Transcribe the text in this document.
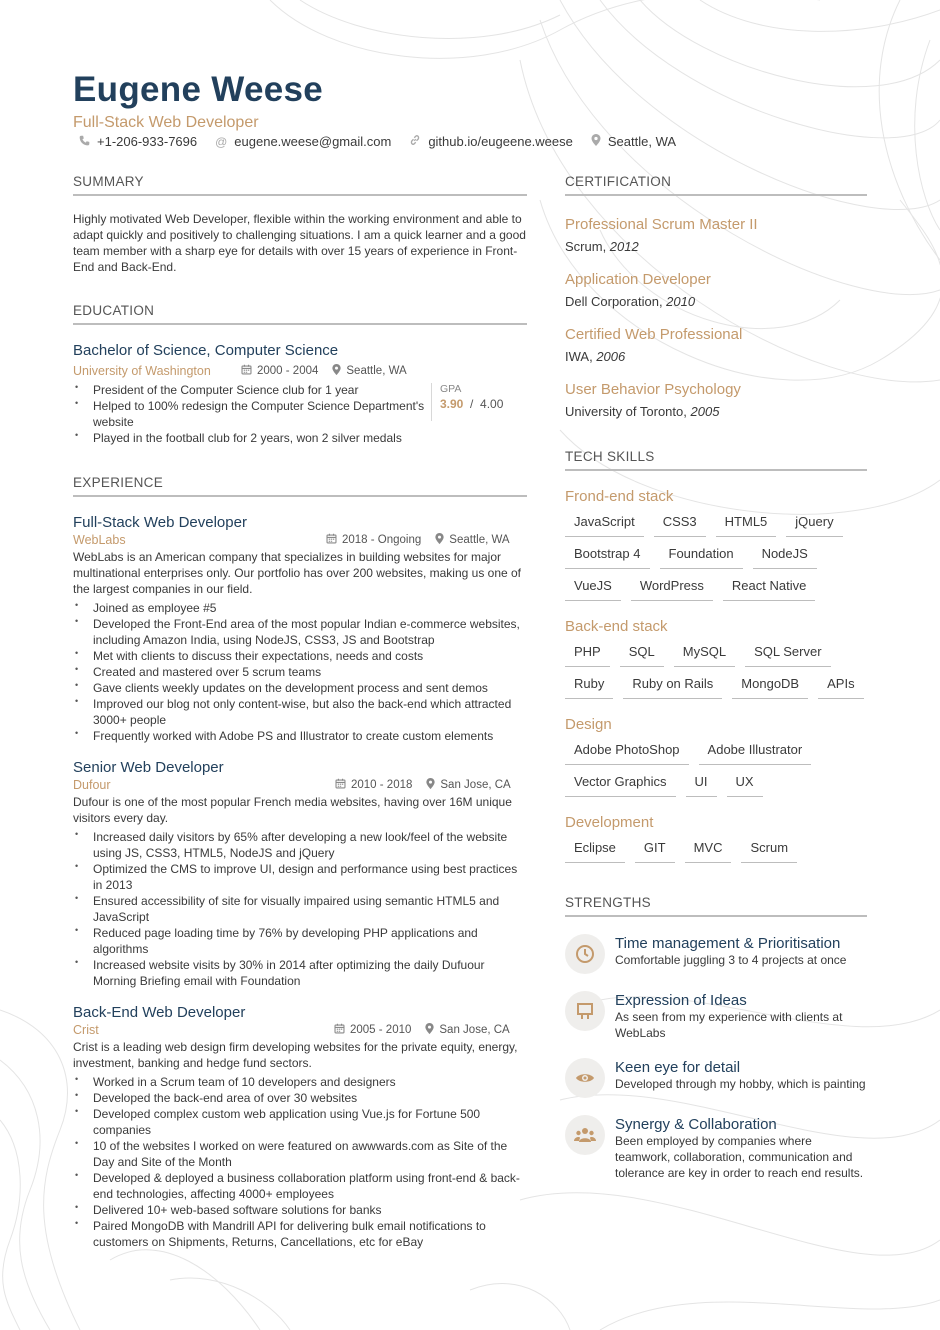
Eugene Weese
Full-Stack Web Developer
+1-206-933-7696 @ eugene.weese@gmail.com	github.io/eugeene.weese	Seattle, WA
SUMMARY
Highly motivated Web Developer, flexible within the working environment and able to adapt quickly and positively to challenging situations. I am a quick learner and a good team member with a sharp eye for details with over 15 years of experience in Front-End and Back-End.
EDUCATION
Bachelor of Science, Computer Science
University of Washington	2000 - 2004 Seattle, WA
• President of the Computer Science club for 1 year
• Helped to 100% redesign the Computer Science Department's website
• Played in the football club for 2 years, won 2 silver medals
GPA
3.90  /  4.00
EXPERIENCE
Full-Stack Web Developer
WebLabs	2018 - Ongoing Seattle, WA
WebLabs is an American company that specializes in building websites for major multinational enterprises only. Our portfolio has over 200 websites, making us one of the largest companies in our field.
• Joined as employee #5
• Developed the Front-End area of the most popular Indian e-commerce websites, including Amazon India, using NodeJS, CSS3, JS and Bootstrap
• Met with clients to discuss their expectations, needs and costs
• Created and mastered over 5 scrum teams
• Gave clients weekly updates on the development process and sent demos
• Improved our blog not only content-wise, but also the back-end which attracted 3000+ people
• Frequently worked with Adobe PS and Illustrator to create custom elements
Senior Web Developer
Dufour	2010 - 2018 San Jose, CA
Dufour is one of the most popular French media websites, having over 16M unique visitors every day.
• Increased daily visitors by 65% after developing a new look/feel of the website using JS, CSS3, HTML5, NodeJS and jQuery
• Optimized the CMS to improve UI, design and performance using best practices in 2013
• Ensured accessibility of site for visually impaired using semantic HTML5 and JavaScript
• Reduced page loading time by 76% by developing PHP applications and algorithms
• Increased website visits by 30% in 2014 after optimizing the daily Dufuour Morning Briefing email with Foundation
Back-End Web Developer
Crist	2005 - 2010 San Jose, CA
Crist is a leading web design firm developing websites for the private equity, energy, investment, banking and hedge fund sectors.
• Worked in a Scrum team of 10 developers and designers
• Developed the back-end area of over 30 websites
• Developed complex custom web application using Vue.js for Fortune 500 companies
• 10 of the websites I worked on were featured on awwwards.com as Site of the Day and Site of the Month
• Developed & deployed a business collaboration platform using front-end & back-end technologies, affecting 4000+ employees
• Delivered 10+ web-based software solutions for banks
• Paired MongoDB with Mandrill API for delivering bulk email notifications to customers on Shipments, Returns, Cancellations, etc for eBay
CERTIFICATION
Professional Scrum Master II
Scrum, 2012
Application Developer
Dell Corporation, 2010
Certified Web Professional
IWA, 2006
User Behavior Psychology
University of Toronto, 2005
TECH SKILLS
Frond-end stack
JavaScript	CSS3	HTML5	jQuery
Bootstrap 4	Foundation	NodeJS
VueJS	WordPress	React Native
Back-end stack
PHP	SQL	MySQL	SQL Server
Ruby	Ruby on Rails	MongoDB	APIs
Design
Adobe PhotoShop	Adobe Illustrator
Vector Graphics	UI	UX
Development
Eclipse	GIT	MVC	Scrum
STRENGTHS
Time management & Prioritisation
Comfortable juggling 3 to 4 projects at once
Expression of Ideas
As seen from my experience with clients at WebLabs
Keen eye for detail
Developed through my hobby, which is painting
Synergy & Collaboration
Been employed by companies where teamwork, collaboration, communication and tolerance are key in order to reach end results.
